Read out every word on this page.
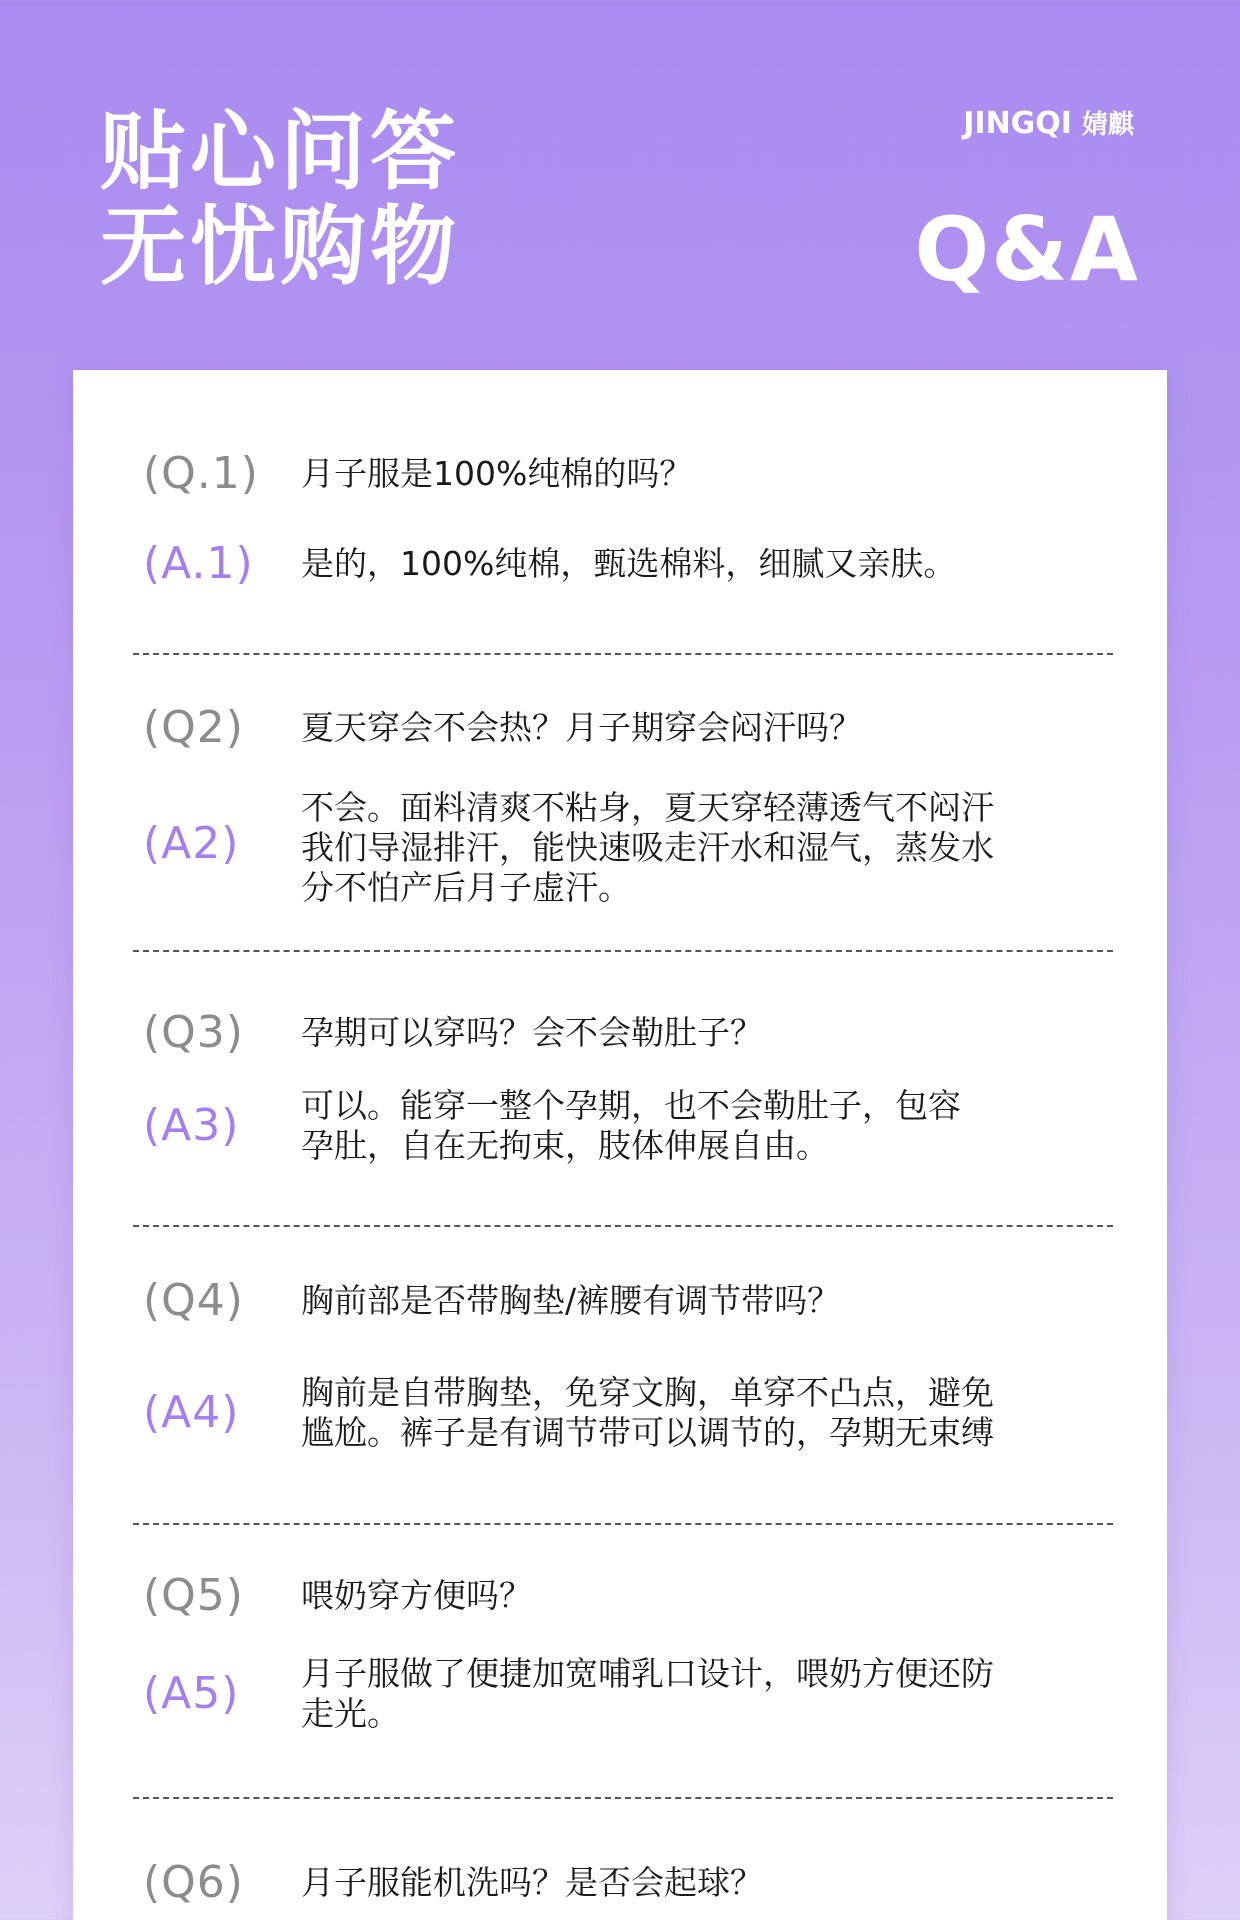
贴心问答
无忧购物
JINGQI 婧麒
Q&A
(Q.1) 月子服是100%纯棉的吗？
(A.1) 是的，100%纯棉，甄选棉料，细腻又亲肤。
(Q2) 夏天穿会不会热？月子期穿会闷汗吗？
(A2)
不会。面料清爽不粘身，夏天穿轻薄透气不闷汗
我们导湿排汗，能快速吸走汗水和湿气，蒸发水
分不怕产后月子虚汗。
(Q3) 孕期可以穿吗？会不会勒肚子？
(A3) 可以。能穿一整个孕期，也不会勒肚子，包容
孕肚，自在无拘束，肢体伸展自由。
(Q4) 胸前部是否带胸垫/裤腰有调节带吗？
(A4) 胸前是自带胸垫，免穿文胸，单穿不凸点，避免
尴尬。裤子是有调节带可以调节的，孕期无束缚
(Q5) 喂奶穿方便吗？
(A5) 月子服做了便捷加宽哺乳口设计，喂奶方便还防
走光。
(Q6) 月子服能机洗吗？是否会起球？
